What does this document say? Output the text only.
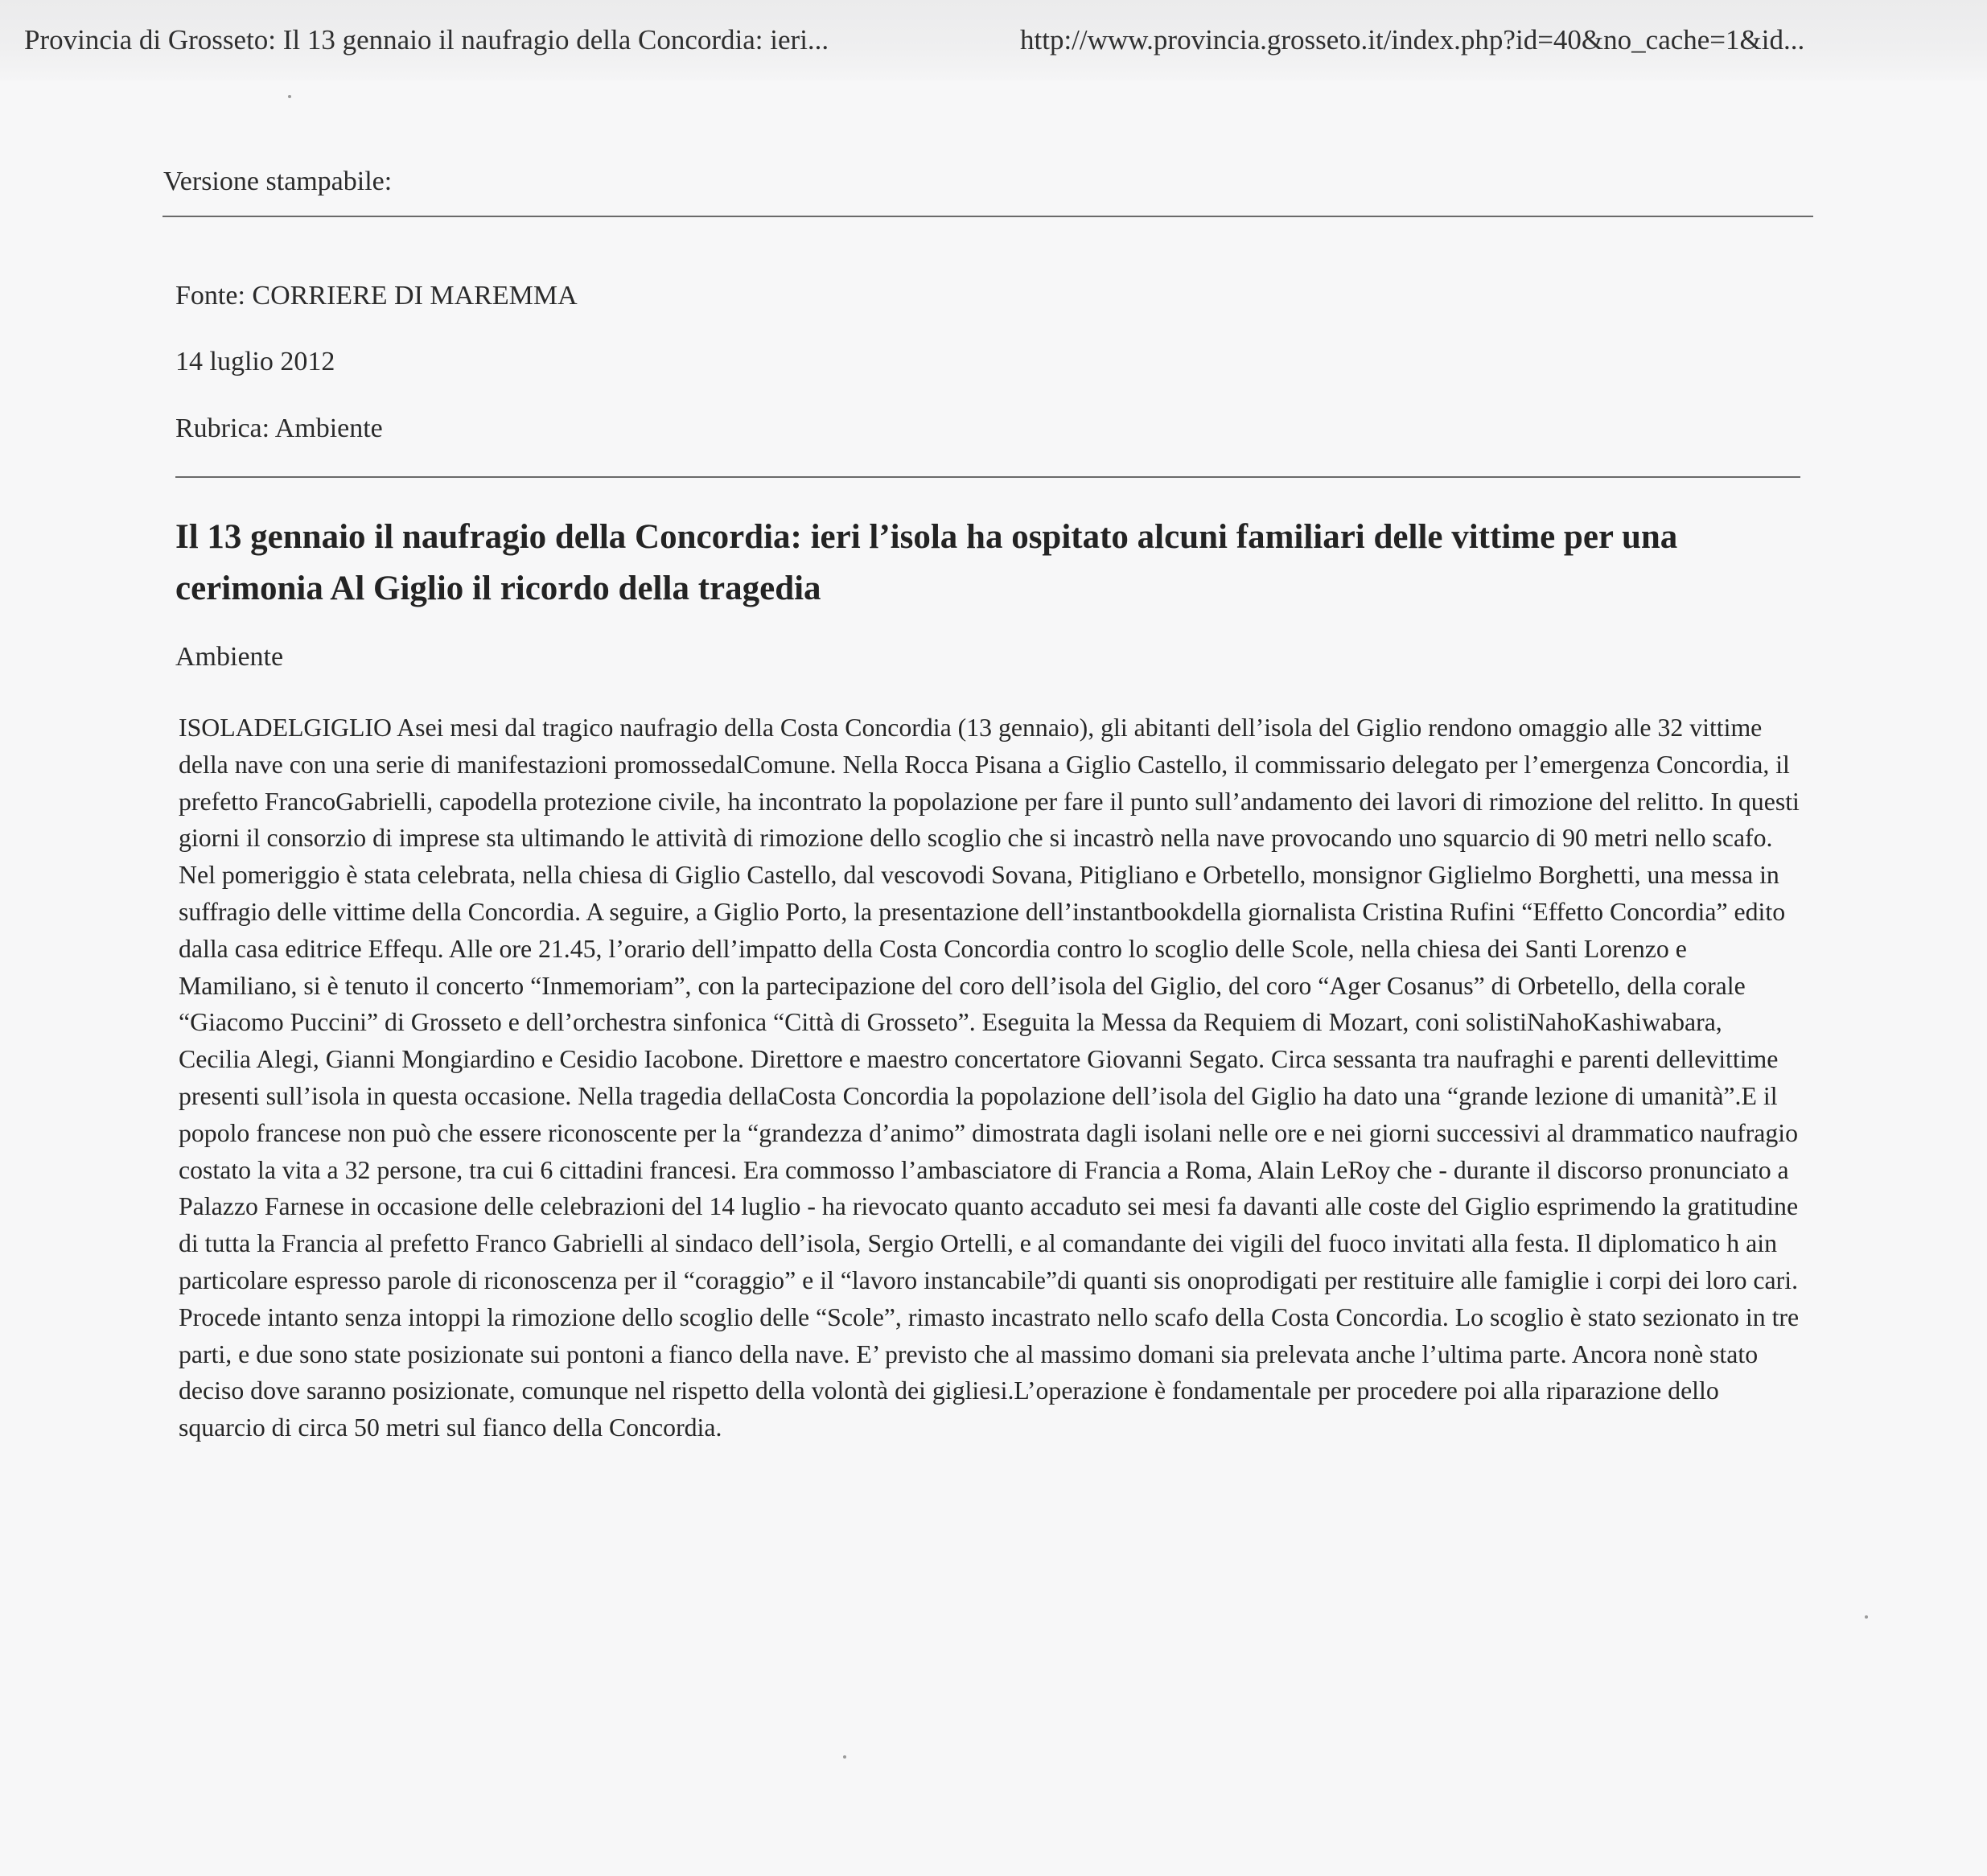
Provincia di Grosseto: Il 13 gennaio il naufragio della Concordia: ieri...	http://www.provincia.grosseto.it/index.php?id=40&no_cache=1&id...
Versione stampabile:
Fonte: CORRIERE DI MAREMMA
14 luglio 2012
Rubrica: Ambiente
Il 13 gennaio il naufragio della Concordia: ieri l’isola ha ospitato alcuni familiari delle vittime per una cerimonia Al Giglio il ricordo della tragedia
Ambiente
ISOLADELGIGLIO Asei mesi dal tragico naufragio della Costa Concordia (13 gennaio), gli abitanti dell’isola del Giglio rendono omaggio alle 32 vittime della nave con una serie di manifestazioni promossedalComune. Nella Rocca Pisana a Giglio Castello, il commissario delegato per l’emergenza Concordia, il prefetto FrancoGabrielli, capodella protezione civile, ha incontrato la popolazione per fare il punto sull’andamento dei lavori di rimozione del relitto. In questi giorni il consorzio di imprese sta ultimando le attività di rimozione dello scoglio che si incastrò nella nave provocando uno squarcio di 90 metri nello scafo. Nel pomeriggio è stata celebrata, nella chiesa di Giglio Castello, dal vescovodi Sovana, Pitigliano e Orbetello, monsignor Giglielmo Borghetti, una messa in suffragio delle vittime della Concordia. A seguire, a Giglio Porto, la presentazione dell’instantbookdella giornalista Cristina Rufini “Effetto Concordia” edito dalla casa editrice Effequ. Alle ore 21.45, l’orario dell’impatto della Costa Concordia contro lo scoglio delle Scole, nella chiesa dei Santi Lorenzo e Mamiliano, si è tenuto il concerto “Inmemoriam”, con la partecipazione del coro dell’isola del Giglio, del coro “Ager Cosanus” di Orbetello, della corale “Giacomo Puccini” di Grosseto e dell’orchestra sinfonica “Città di Grosseto”. Eseguita la Messa da Requiem di Mozart, coni solistiNahoKashiwabara, Cecilia Alegi, Gianni Mongiardino e Cesidio Iacobone. Direttore e maestro concertatore Giovanni Segato. Circa sessanta tra naufraghi e parenti dellevittime presenti sull’isola in questa occasione. Nella tragedia dellaCosta Concordia la popolazione dell’isola del Giglio ha dato una “grande lezione di umanità”.E il popolo francese non può che essere riconoscente per la “grandezza d’animo” dimostrata dagli isolani nelle ore e nei giorni successivi al drammatico naufragio costato la vita a 32 persone, tra cui 6 cittadini francesi. Era commosso l’ambasciatore di Francia a Roma, Alain LeRoy che - durante il discorso pronunciato a Palazzo Farnese in occasione delle celebrazioni del 14 luglio - ha rievocato quanto accaduto sei mesi fa davanti alle coste del Giglio esprimendo la gratitudine di tutta la Francia al prefetto Franco Gabrielli al sindaco dell’isola, Sergio Ortelli, e al comandante dei vigili del fuoco invitati alla festa. Il diplomatico h ain particolare espresso parole di riconoscenza per il “coraggio” e il “lavoro instancabile”di quanti sis onoprodigati per restituire alle famiglie i corpi dei loro cari. Procede intanto senza intoppi la rimozione dello scoglio delle “Scole”, rimasto incastrato nello scafo della Costa Concordia. Lo scoglio è stato sezionato in tre parti, e due sono state posizionate sui pontoni a fianco della nave. E’ previsto che al massimo domani sia prelevata anche l’ultima parte. Ancora nonè stato deciso dove saranno posizionate, comunque nel rispetto della volontà dei gigliesi.L’operazione è fondamentale per procedere poi alla riparazione dello squarcio di circa 50 metri sul fianco della Concordia.
